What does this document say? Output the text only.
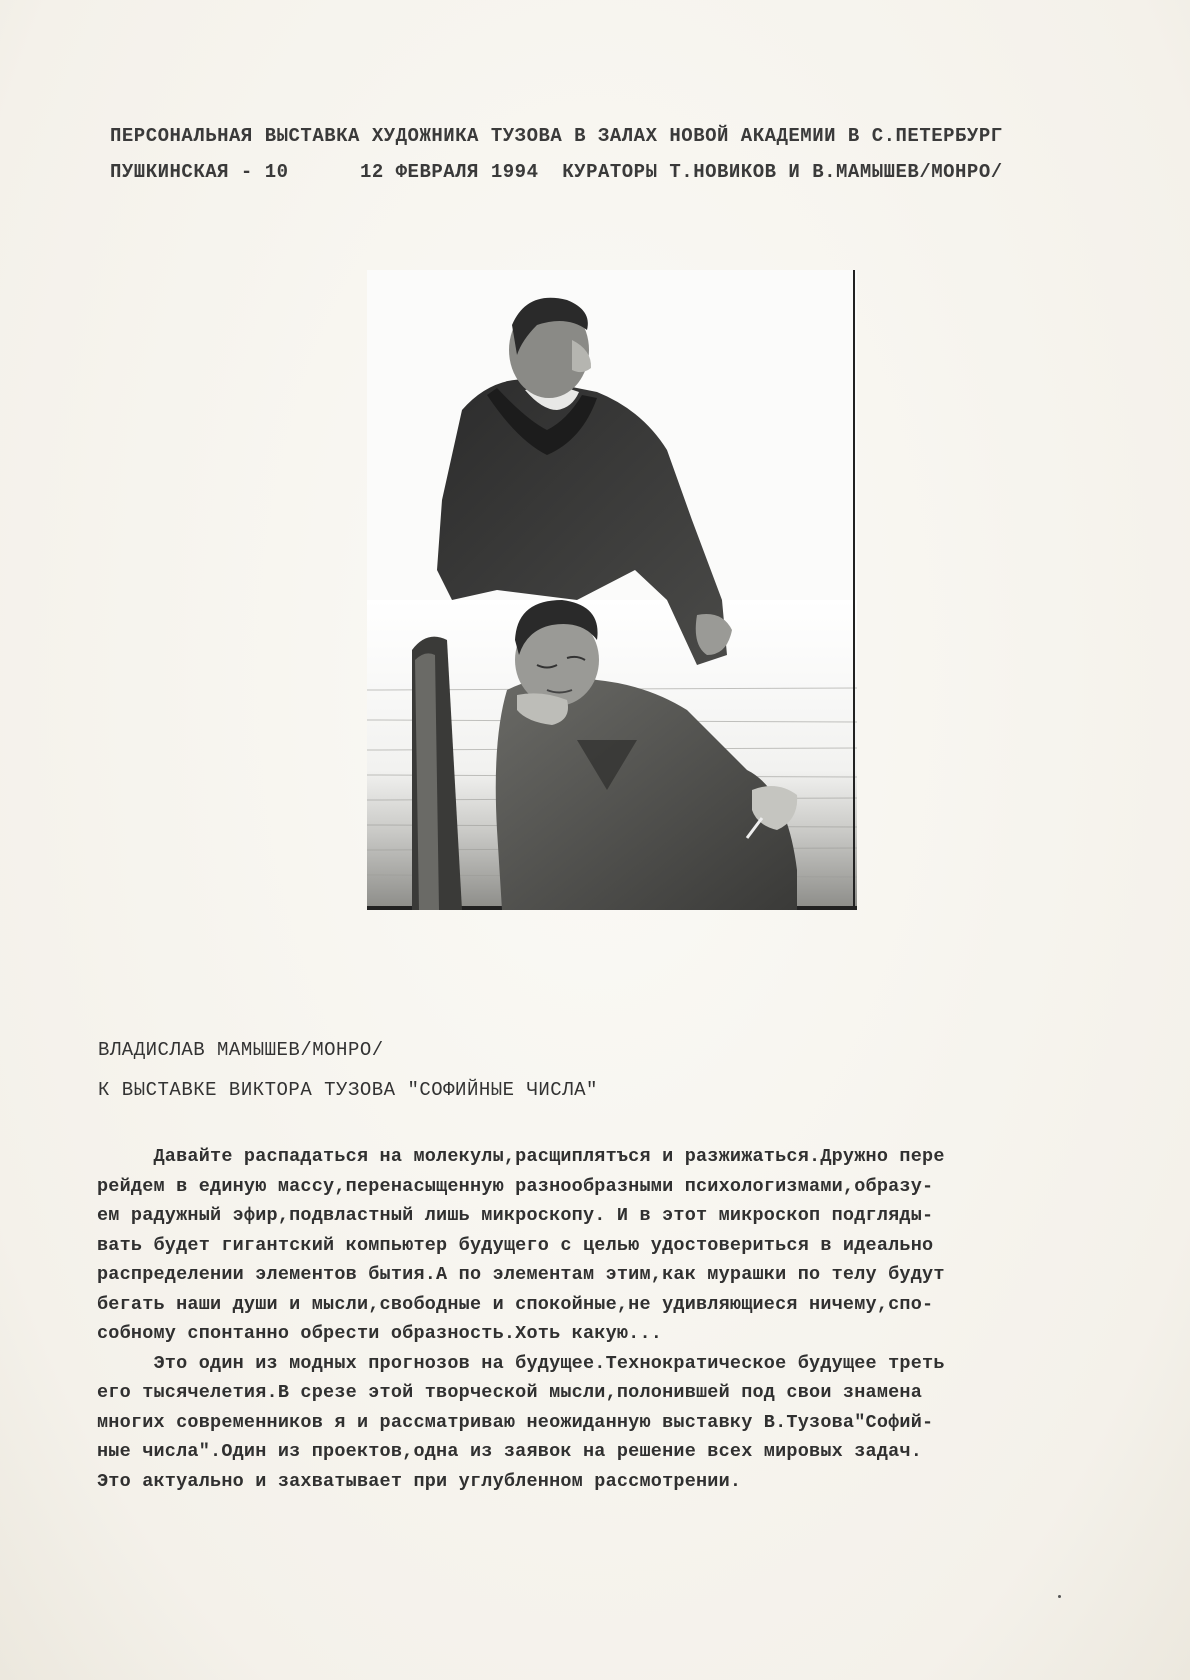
ПЕРСОНАЛЬНАЯ ВЫСТАВКА ХУДОЖНИКА ТУЗОВА В ЗАЛАХ НОВОЙ АКАДЕМИИ В С.ПЕТЕРБУРГ
ПУШКИНСКАЯ - 10      12 ФЕВРАЛЯ 1994  КУРАТОРЫ Т.НОВИКОВ И В.МАМЫШЕВ/МОНРО/
ВЛАДИСЛАВ МАМЫШЕВ/МОНРО/
К ВЫСТАВКЕ ВИКТОРА ТУЗОВА "СОФИЙНЫЕ ЧИСЛА"
Давайте распадаться на молекулы,расщиплятъся и разжижаться.Дружно пере
рейдем в единую массу,перенасыщенную разнообразными психологизмами,образу-
ем радужный эфир,подвластный лишь микроскопу. И в этот микроскоп подгляды-
вать будет гигантский компьютер будущего с целью удостовериться в идеально
распределении элементов бытия.А по элементам этим,как мурашки по телу будут
бегать наши души и мысли,свободные и спокойные,не удивляющиеся ничему,спо-
собному спонтанно обрести образность.Хоть какую...
Это один из модных прогнозов на будущее.Технократическое будущее треть
его тысячелетия.В срезе этой творческой мысли,полонившей под свои знамена
многих современников я и рассматриваю неожиданную выставку В.Тузова"Софий-
ные числа".Один из проектов,одна из заявок на решение всех мировых задач.
Это актуально и захватывает при углубленном рассмотрении.
